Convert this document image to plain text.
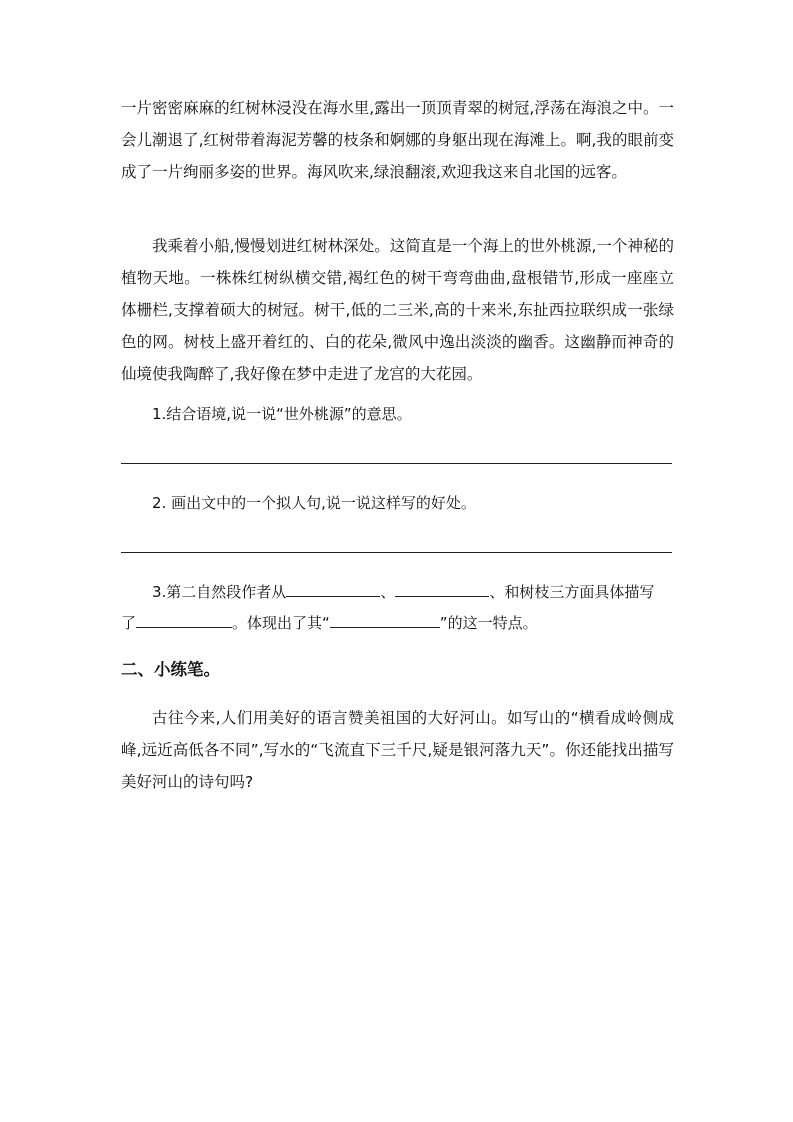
一片密密麻麻的红树林浸没在海水里,露出一顶顶青翠的树冠,浮荡在海浪之中。一会儿潮退了,红树带着海泥芳馨的枝条和婀娜的身躯出现在海滩上。啊,我的眼前变成了一片绚丽多姿的世界。海风吹来,绿浪翻滚,欢迎我这来自北国的远客。

我乘着小船,慢慢划进红树林深处。这简直是一个海上的世外桃源,一个神秘的植物天地。一株株红树纵横交错,褐红色的树干弯弯曲曲,盘根错节,形成一座座立体栅栏,支撑着硕大的树冠。树干,低的二三米,高的十来米,东扯西拉联织成一张绿色的网。树枝上盛开着红的、白的花朵,微风中逸出淡淡的幽香。这幽静而神奇的仙境使我陶醉了,我好像在梦中走进了龙宫的大花园。

1.结合语境,说一说“世外桃源”的意思。

2. 画出文中的一个拟人句,说一说这样写的好处。

3.第二自然段作者从	、	、和树枝三方面具体描写

了	。体现出了其“	”的这一特点。

二、小练笔。

古往今来,人们用美好的语言赞美祖国的大好河山。如写山的“横看成岭侧成峰,远近高低各不同”,写水的“飞流直下三千尺,疑是银河落九天”。你还能找出描写美好河山的诗句吗?
